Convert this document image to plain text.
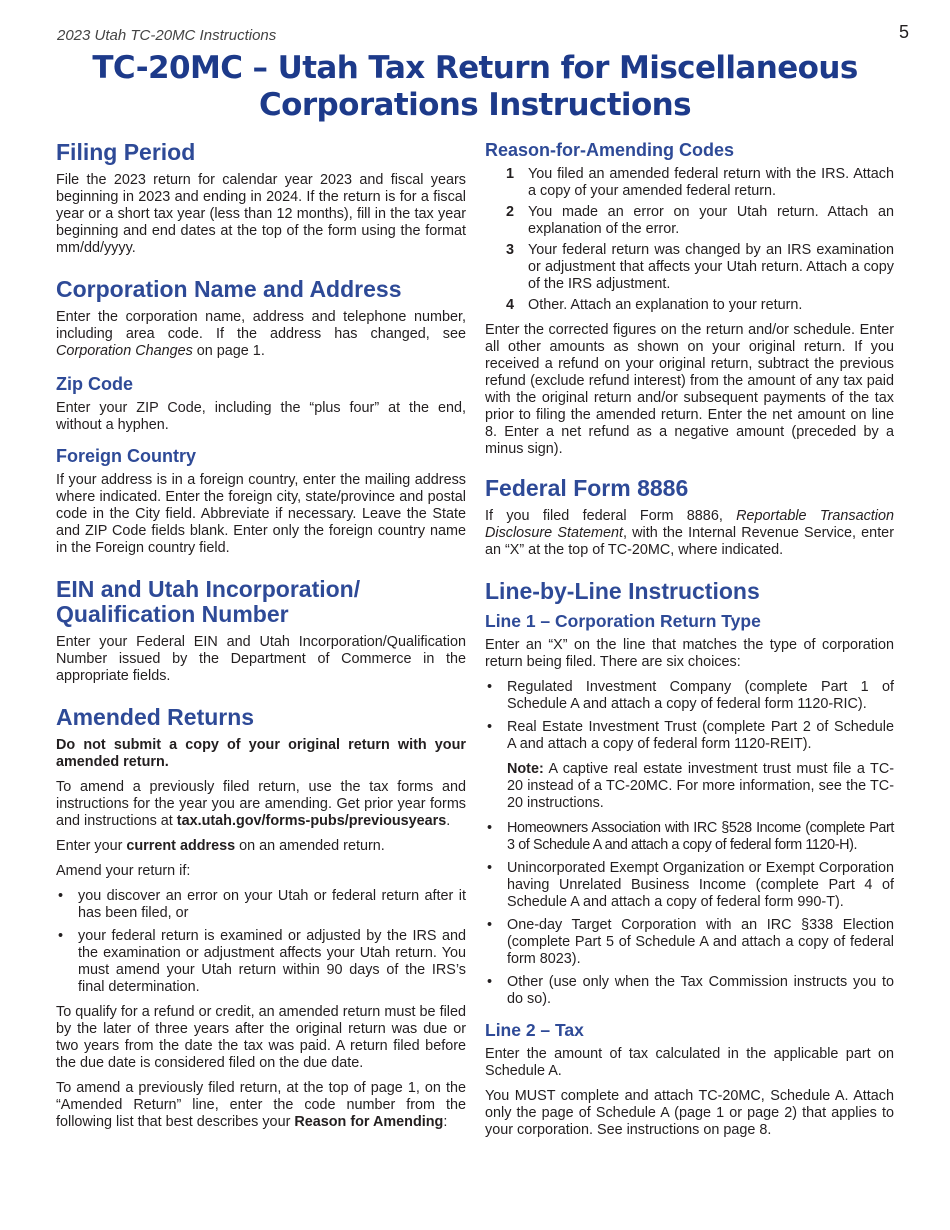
2023 Utah TC-20MC Instructions	5
TC-20MC – Utah Tax Return for Miscellaneous
Corporations Instructions
Filing Period

File the 2023 return for calendar year 2023 and fiscal years beginning in 2023 and ending in 2024. If the return is for a fiscal year or a short tax year (less than 12 months), fill in the tax year beginning and end dates at the top of the form using the format mm/dd/yyyy.

Corporation Name and Address

Enter the corporation name, address and telephone number, including area code. If the address has changed, see Corporation Changes on page 1.

Zip Code

Enter your ZIP Code, including the “plus four” at the end, without a hyphen.

Foreign Country

If your address is in a foreign country, enter the mailing address where indicated. Enter the foreign city, state/province and postal code in the City field. Abbreviate if necessary. Leave the State and ZIP Code fields blank. Enter only the foreign country name in the Foreign country field.

EIN and Utah Incorporation/
Qualification Number

Enter your Federal EIN and Utah Incorporation/Qualification Number issued by the Department of Commerce in the appropriate fields.

Amended Returns

Do not submit a copy of your original return with your amended return.

To amend a previously filed return, use the tax forms and instructions for the year you are amending. Get prior year forms and instructions at tax.utah.gov/forms-pubs/previousyears.

Enter your current address on an amended return.

Amend your return if:

• you discover an error on your Utah or federal return after it has been filed, or
• your federal return is examined or adjusted by the IRS and the examination or adjustment affects your Utah return. You must amend your Utah return within 90 days of the IRS’s final determination.

To qualify for a refund or credit, an amended return must be filed by the later of three years after the original return was due or two years from the date the tax was paid. A return filed before the due date is considered filed on the due date.

To amend a previously filed return, at the top of page 1, on the “Amended Return” line, enter the code number from the following list that best describes your Reason for Amending:

Reason-for-Amending Codes
1 You filed an amended federal return with the IRS. Attach a copy of your amended federal return.
2 You made an error on your Utah return. Attach an explanation of the error.
3 Your federal return was changed by an IRS examination or adjustment that affects your Utah return. Attach a copy of the IRS adjustment.
4 Other. Attach an explanation to your return.

Enter the corrected figures on the return and/or schedule. Enter all other amounts as shown on your original return. If you received a refund on your original return, subtract the previous refund (exclude refund interest) from the amount of any tax paid with the original return and/or subsequent payments of the tax prior to filing the amended return. Enter the net amount on line 8. Enter a net refund as a negative amount (preceded by a minus sign).

Federal Form 8886

If you filed federal Form 8886, Reportable Transaction Disclosure Statement, with the Internal Revenue Service, enter an “X” at the top of TC-20MC, where indicated.

Line-by-Line Instructions
Line 1 – Corporation Return Type

Enter an “X” on the line that matches the type of corporation return being filed. There are six choices:

• Regulated Investment Company (complete Part 1 of Schedule A and attach a copy of federal form 1120-RIC).
• Real Estate Investment Trust (complete Part 2 of Schedule A and attach a copy of federal form 1120-REIT).

Note: A captive real estate investment trust must file a TC-20 instead of a TC-20MC. For more information, see the TC-20 instructions.

• Homeowners Association with IRC §528 Income (complete Part 3 of Schedule A and attach a copy of federal form 1120-H).
• Unincorporated Exempt Organization or Exempt Corporation having Unrelated Business Income (complete Part 4 of Schedule A and attach a copy of federal form 990-T).
• One-day Target Corporation with an IRC §338 Election (complete Part 5 of Schedule A and attach a copy of federal form 8023).
• Other (use only when the Tax Commission instructs you to do so).
Line 2 – Tax

Enter the amount of tax calculated in the applicable part on Schedule A.

You MUST complete and attach TC-20MC, Schedule A. Attach only the page of Schedule A (page 1 or page 2) that applies to your corporation. See instructions on page 8.
